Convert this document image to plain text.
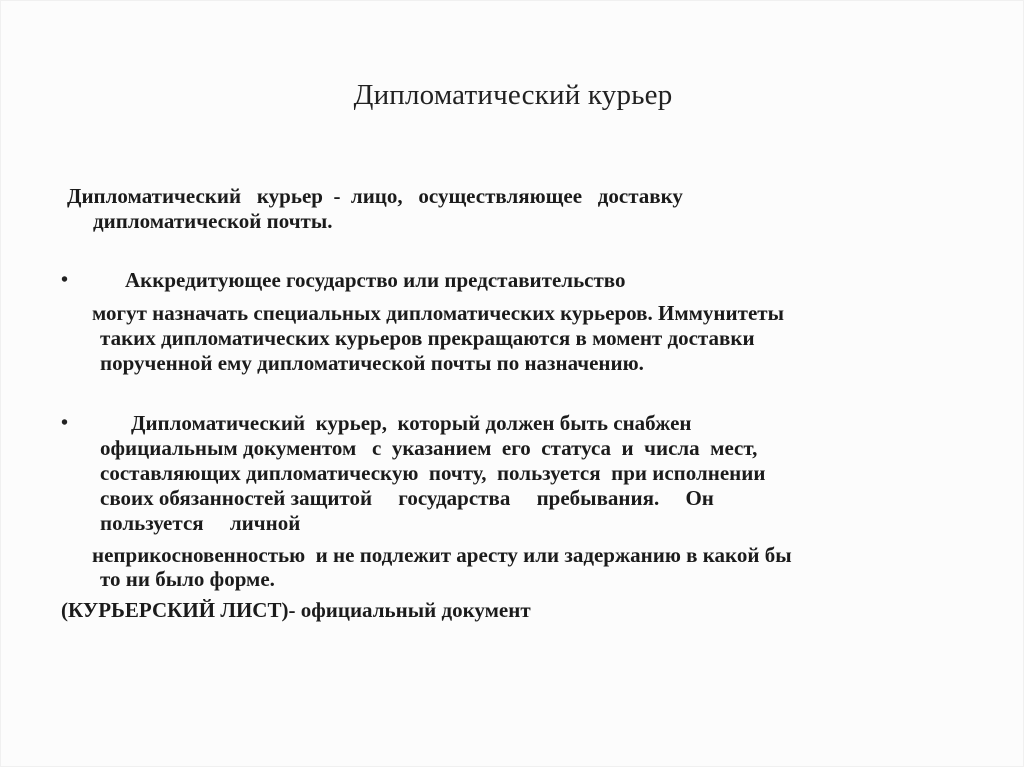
Дипломатический курьер
Дипломатический   курьер  -  лицо,   осуществляющее   доставку
дипломатической почты.
•	Аккредитующее государство или представительство
могут назначать специальных дипломатических курьеров. Иммунитеты
таких дипломатических курьеров прекращаются в момент доставки
порученной ему дипломатической почты по назначению.
•	Дипломатический  курьер,  который должен быть снабжен
официальным документом   с  указанием  его  статуса  и  числа  мест,
составляющих дипломатическую  почту,  пользуется  при исполнении
своих обязанностей защитой     государства     пребывания.     Он
пользуется     личной
неприкосновенностью  и не подлежит аресту или задержанию в какой бы
то ни было форме.
(КУРЬЕРСКИЙ ЛИСТ)- официальный документ
